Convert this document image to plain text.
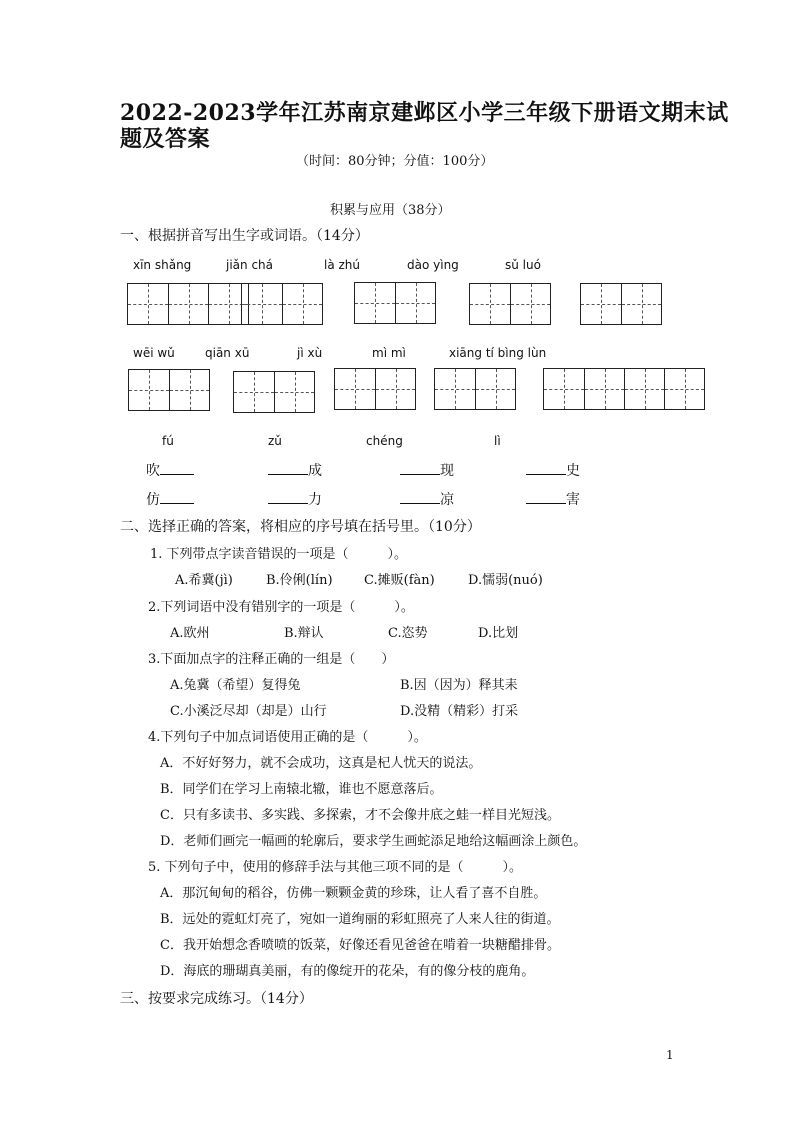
2022-2023学年江苏南京建邺区小学三年级下册语文期末试
题及答案
（时间：80分钟；分值：100分）
积累与应用（38分）
一、根据拼音写出生字或词语。（14分）
xīn shǎng	jiǎn chá	là zhú	dào yìng	sǔ luó
wēi wǔ	qiān xū	jì xù	mì mì	xiāng tí bìng lùn
fú	zǔ	chéng	lì
吹	成	现	史
仿	力	凉	害
二、选择正确的答案，将相应的序号填在括号里。（10分）
1. 下列带点字读音错误的一项是（　　　）。
A.希冀(jì)	B.伶俐(lín) C.摊贩(fàn)	D.懦弱(nuó)
2.下列词语中没有错别字的一项是（　　　）。
A.欧州	B.辩认	C.恣势	D.比划
3.下面加点字的注释正确的一组是（　　）
A.兔冀（希望）复得兔	B.因（因为）释其耒
C.小溪泛尽却（却是）山行	D.没精（精彩）打采
4.下列句子中加点词语使用正确的是（　　　）。
A．不好好努力，就不会成功，这真是杞人忧天的说法。
B．同学们在学习上南辕北辙，谁也不愿意落后。
C．只有多读书、多实践、多探索，才不会像井底之蛙一样目光短浅。
D．老师们画完一幅画的轮廓后，要求学生画蛇添足地给这幅画涂上颜色。
5. 下列句子中，使用的修辞手法与其他三项不同的是（　　　）。
A．那沉甸甸的稻谷，仿佛一颗颗金黄的珍珠，让人看了喜不自胜。
B．远处的霓虹灯亮了，宛如一道绚丽的彩虹照亮了人来人往的街道。
C．我开始想念香喷喷的饭菜，好像还看见爸爸在啃着一块糖醋排骨。
D．海底的珊瑚真美丽，有的像绽开的花朵，有的像分枝的鹿角。
三、按要求完成练习。（14分）
1
